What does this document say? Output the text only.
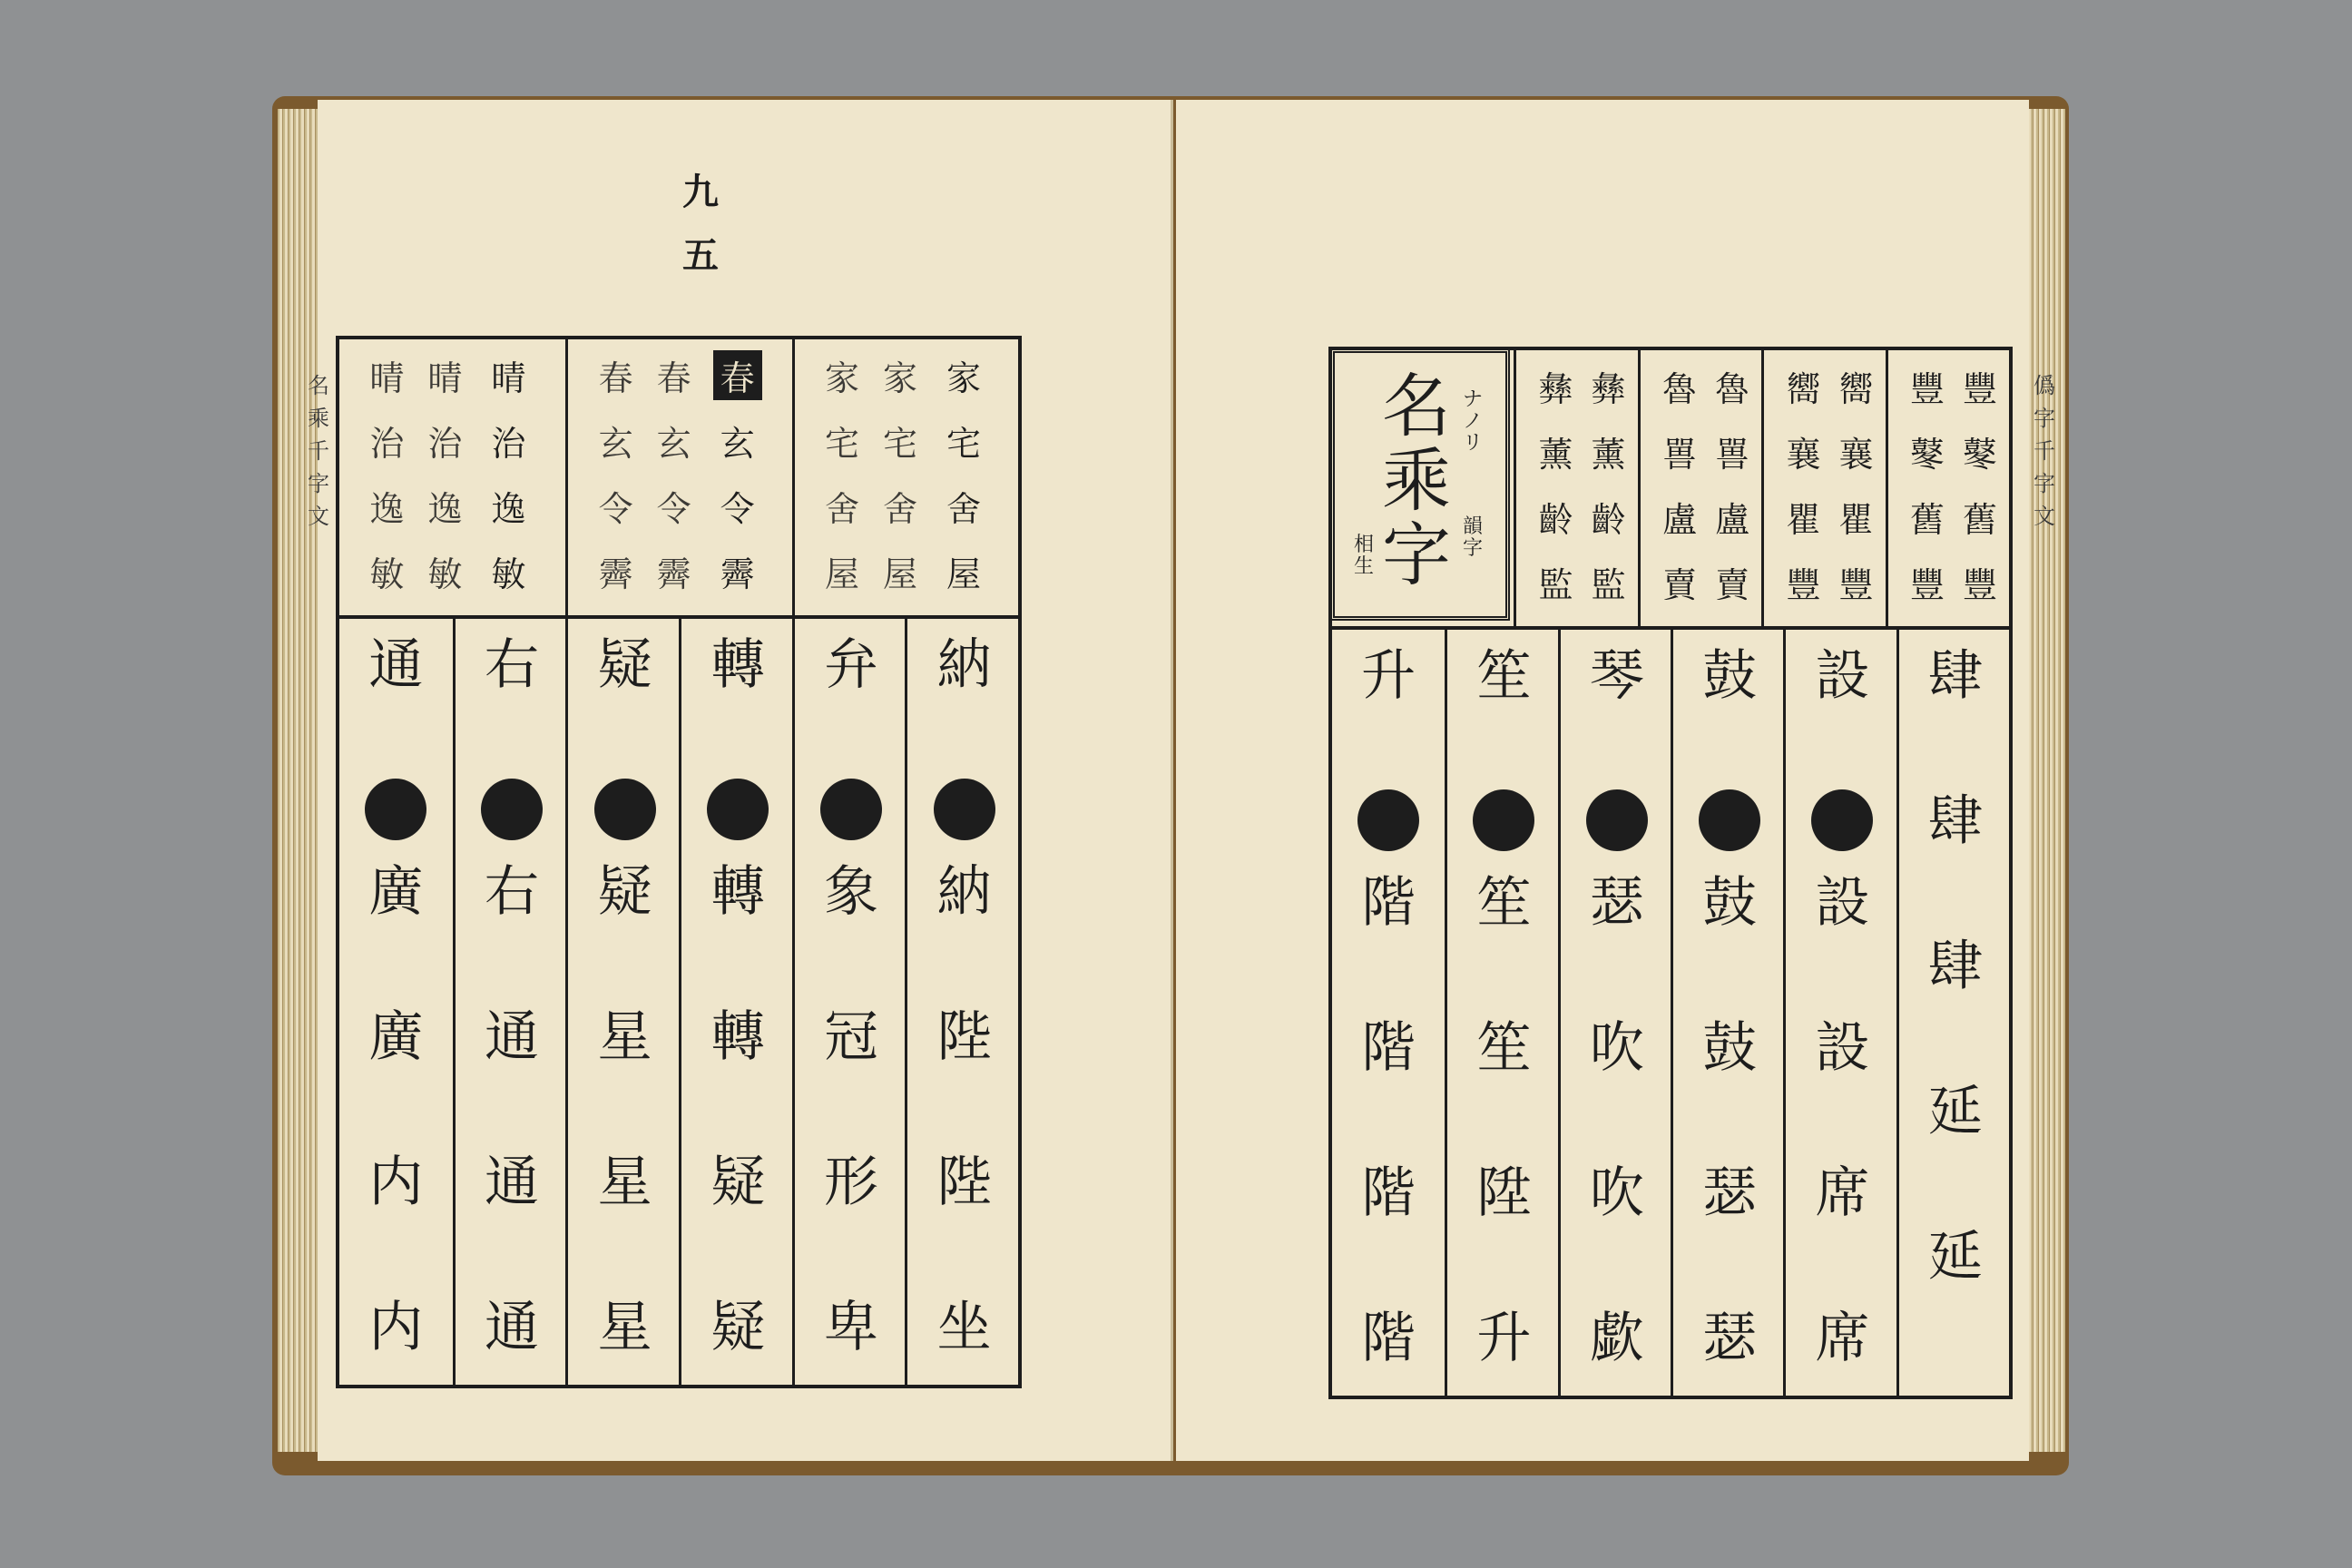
九
五
家
家
家
宅
宅
宅
舍
舍
舍
屋
屋
屋
春
春
春
玄
玄
玄
令
令
令
霽
霽
霽
晴
晴
晴
治
治
治
逸
逸
逸
敏
敏
敏
納
納
陛
陛
坐
弁
象
冠
形
卑
轉
轉
轉
疑
疑
疑
疑
星
星
星
右
右
通
通
通
通
廣
廣
内
内
豐
豐
鼕
鼕
舊
舊
豐
豐
嚮
嚮
襄
襄
瞿
瞿
豐
豐
魯
魯
嘼
嘼
盧
盧
賣
賣
彝
彝
薰
薰
齡
齡
監
監
肆
肆
肆
延
延
設
設
設
席
席
鼓
鼓
鼓
瑟
瑟
琴
瑟
吹
吹
歔
笙
笙
笙
陞
升
升
階
階
階
階
名
乘
字
ナノリ
韻字
相生
名
乘
千
字
文
僞
字
千
字
文
